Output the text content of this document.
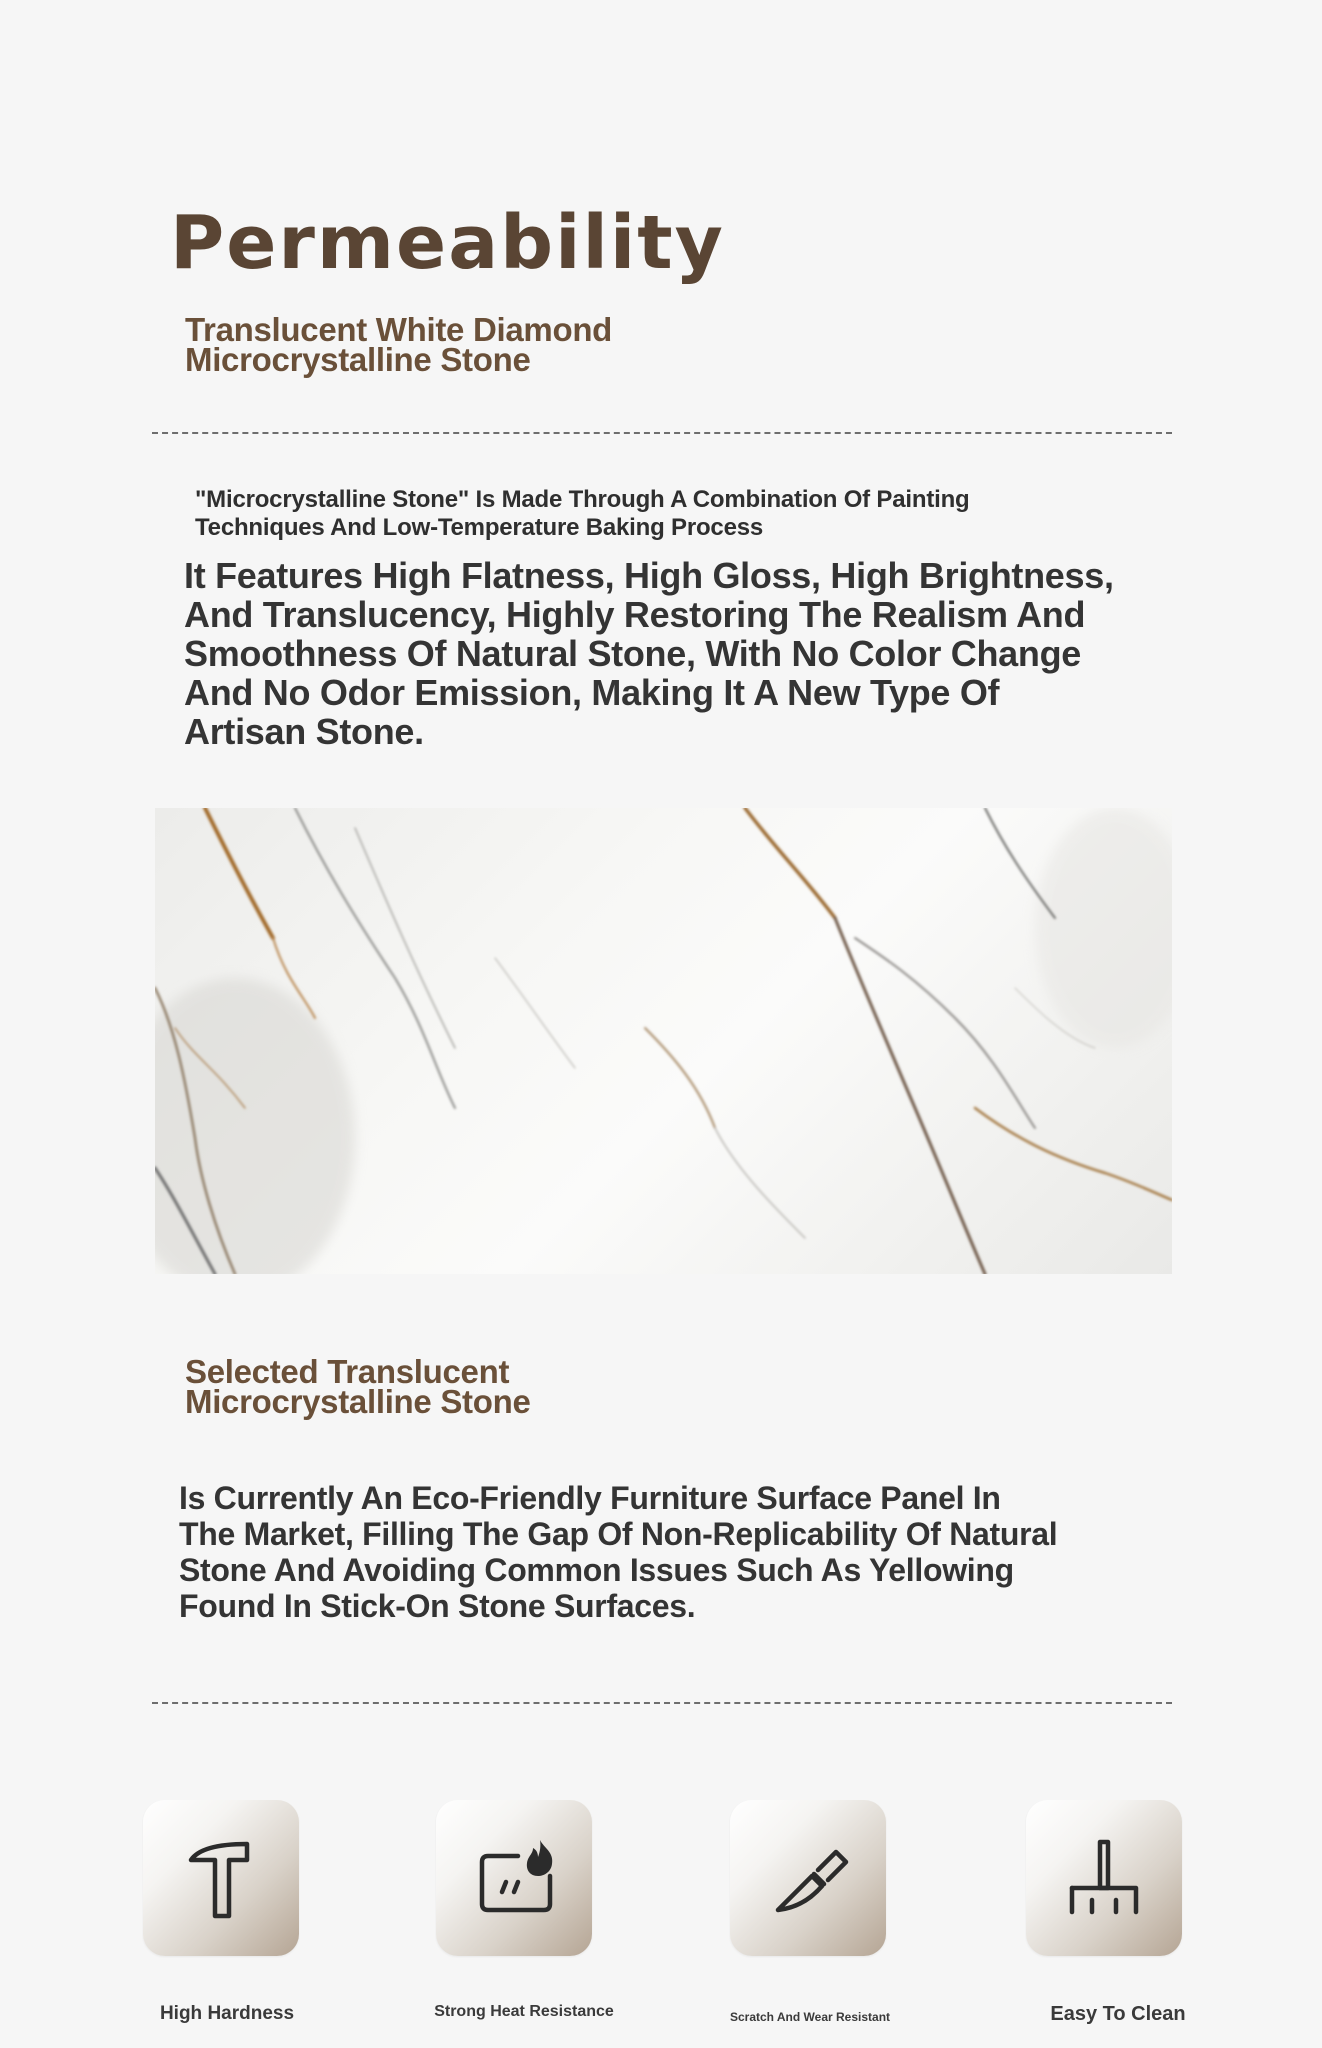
Permeability
Translucent White Diamond Microcrystalline Stone

"Microcrystalline Stone" Is Made Through A Combination Of Painting Techniques And Low-Temperature Baking Process

It Features High Flatness, High Gloss, High Brightness, And Translucency, Highly Restoring The Realism And Smoothness Of Natural Stone, With No Color Change And No Odor Emission, Making It A New Type Of Artisan Stone.

Selected Translucent Microcrystalline Stone

Is Currently An Eco-Friendly Furniture Surface Panel In The Market, Filling The Gap Of Non-Replicability Of Natural Stone And Avoiding Common Issues Such As Yellowing Found In Stick-On Stone Surfaces.

High Hardness	Strong Heat Resistance	Scratch And Wear Resistant	Easy To Clean
